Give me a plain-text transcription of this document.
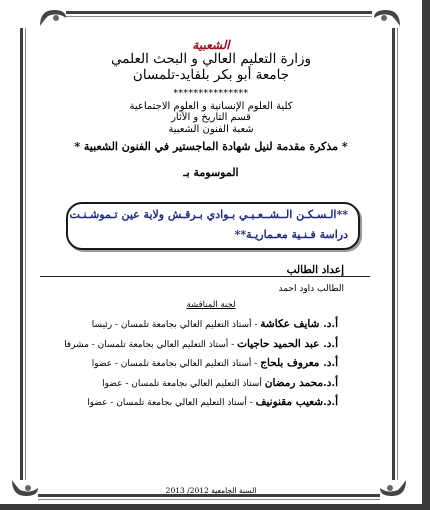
الشعبية
وزارة التعليم العالي و البحث العلمي
جامعة أبو بكر بلقايد-تلمسان
***************
كلية العلوم الإنسانية و العلوم الاجتماعية
قسم التاريخ و الآثار
شعبة الفنون الشعبية
* مذكرة مقدمة لنيل شهادة الماجستير في الفنون الشعبية *
الموسومة بـ
**الـسـكـن الــشــعـبـي بـوادي بـرقـش ولاية عين تـموشـنـت
دراسة فـنـية معـماريـة**
إعداد الطالب
الطالب داود احمد
لجنة المناقشة
أ.د. شايف عكاشة - أستاذ التعليم العالي بجامعة تلمسان - رئيسا
أ.د. عبد الحميد حاجيات - أستاذ التعليم العالي بجامعة تلمسان - مشرفا
أ.د. معروف بلحاج - أستاذ التعليم العالي بجامعة تلمسان - عضوا
أ.د.محمد رمضان أستاذ التعليم العالي بجامعة تلمسان - عضوا
أ.د.شعيب مقنونيف - أستاذ التعليم العالي بجامعة تلمسان - عضوا
السنة الجامعية 2012/ 2013
